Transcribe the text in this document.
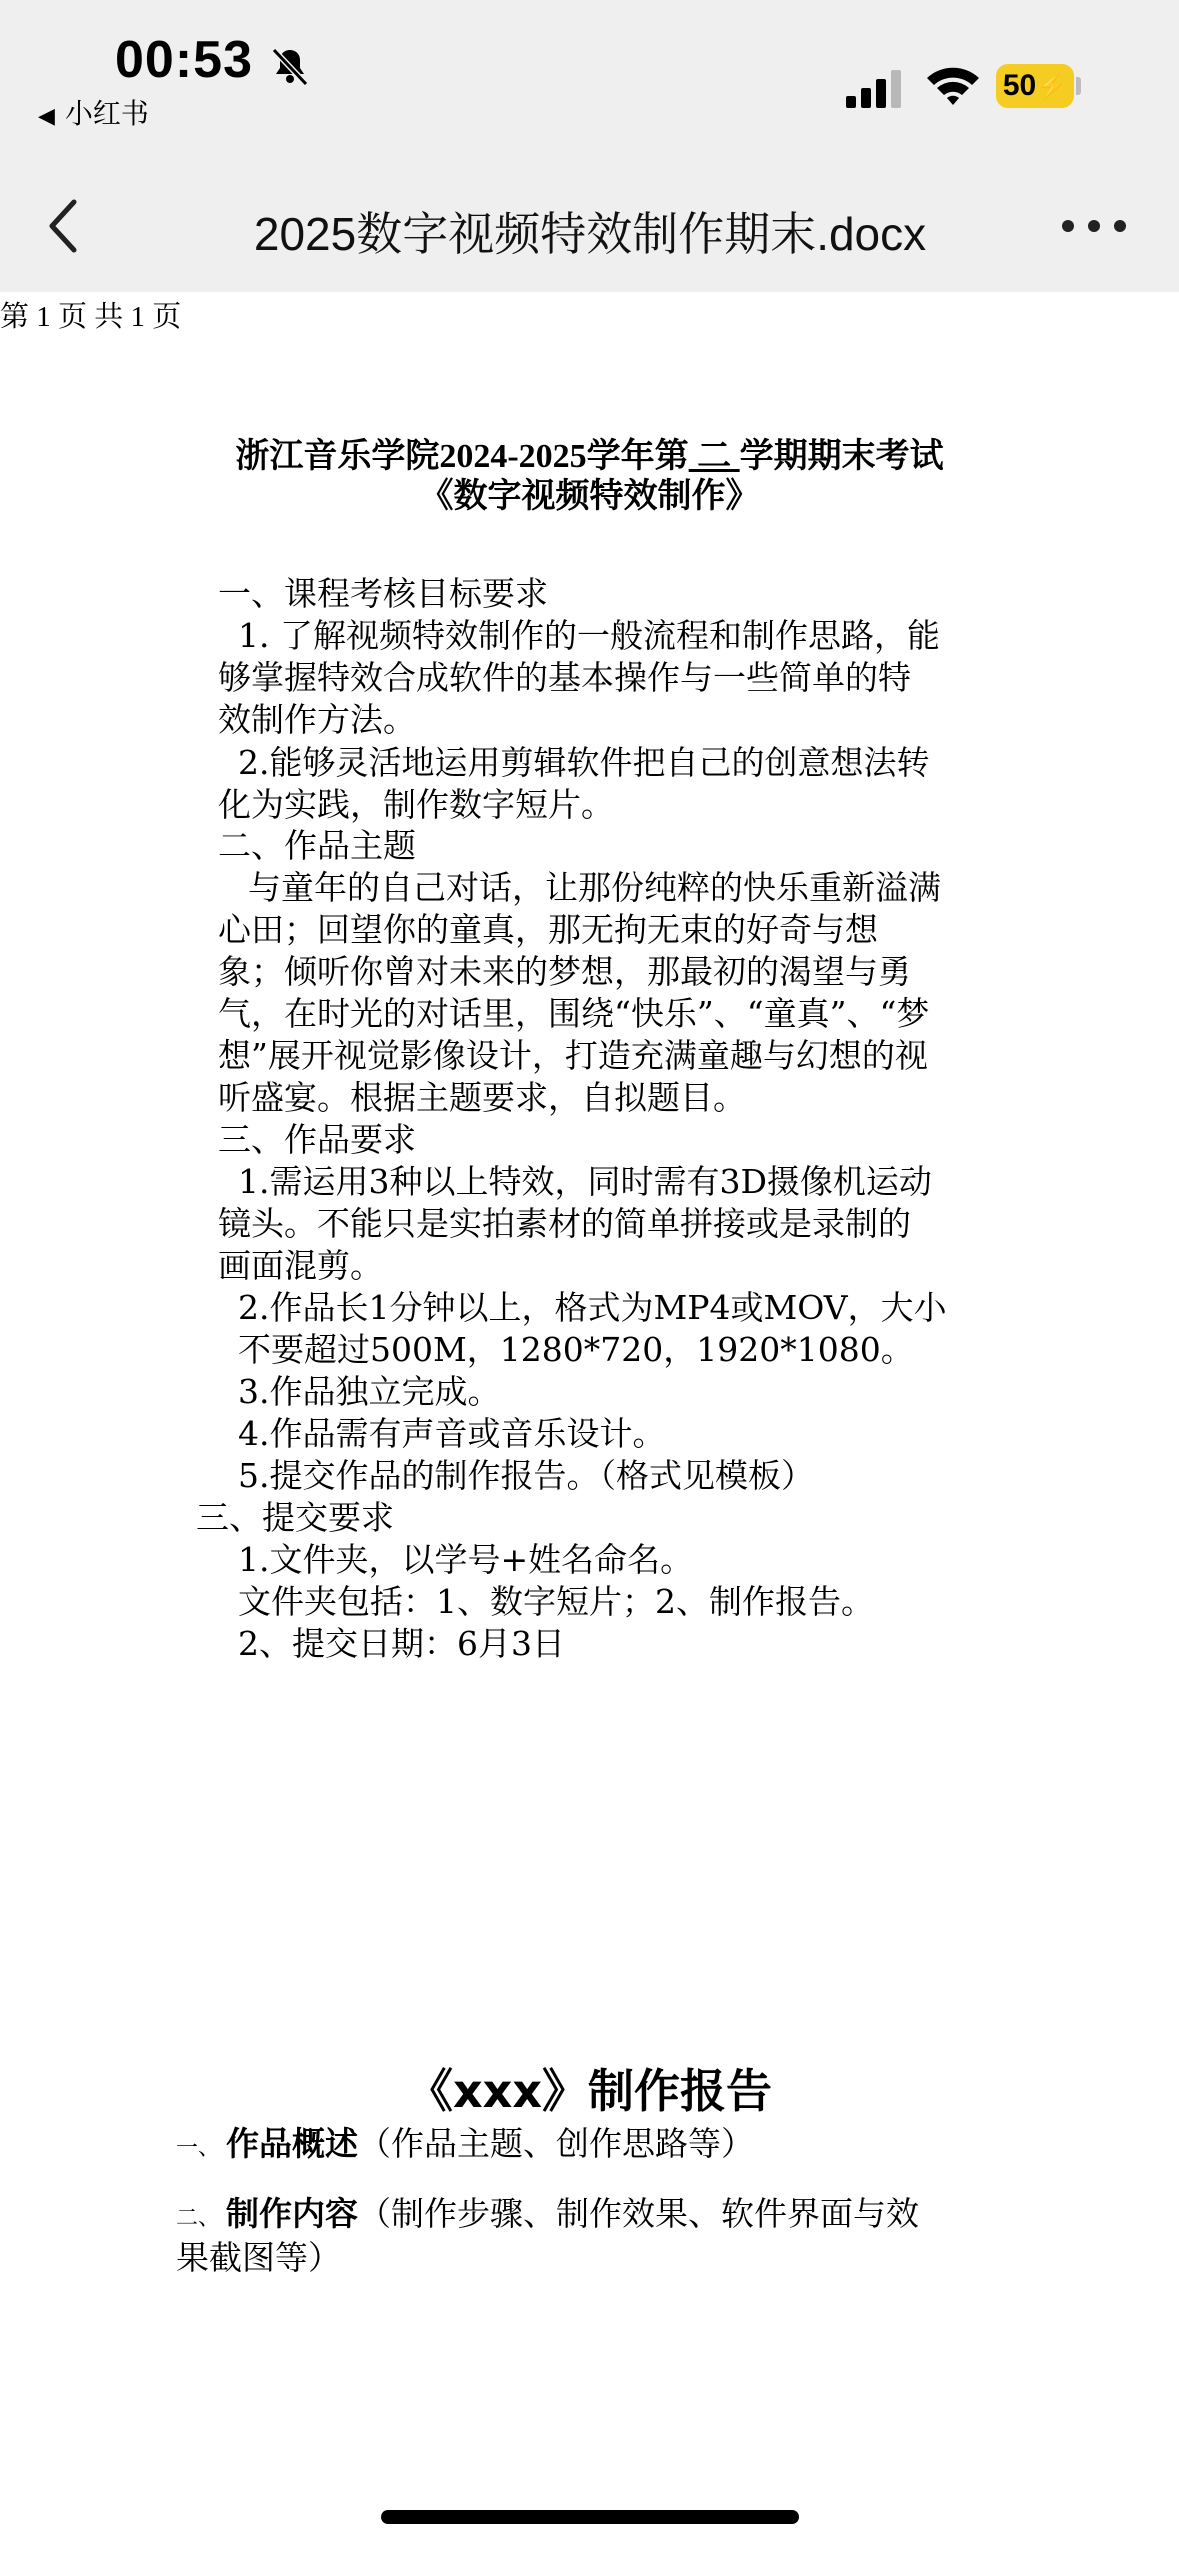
00:53
◀ 小红书
50 ⚡
2025数字视频特效制作期末.docx
第 1 页 共 1 页
浙江音乐学院2024-2025学年第 二 学期期末考试
《数字视频特效制作》
一、课程考核目标要求
1. 了解视频特效制作的一般流程和制作思路，能
够掌握特效合成软件的基本操作与一些简单的特
效制作方法。
2.能够灵活地运用剪辑软件把自己的创意想法转
化为实践，制作数字短片。
二、作品主题
与童年的自己对话，让那份纯粹的快乐重新溢满
心田；回望你的童真，那无拘无束的好奇与想
象；倾听你曾对未来的梦想，那最初的渴望与勇
气，在时光的对话里，围绕“快乐”、“童真”、“梦
想”展开视觉影像设计，打造充满童趣与幻想的视
听盛宴。根据主题要求，自拟题目。
三、作品要求
1.需运用3种以上特效，同时需有3D摄像机运动
镜头。不能只是实拍素材的简单拼接或是录制的
画面混剪。
2.作品长1分钟以上，格式为MP4或MOV，大小
不要超过500M，1280*720，1920*1080。
3.作品独立完成。
4.作品需有声音或音乐设计。
5.提交作品的制作报告。（格式见模板）
三、提交要求
1.文件夹，以学号+姓名命名。
文件夹包括：1、数字短片；2、制作报告。
2、提交日期：6月3日
《xxx》制作报告
一、 作品概述（作品主题、创作思路等）
二、 制作内容（制作步骤、制作效果、软件界面与效
果截图等）
